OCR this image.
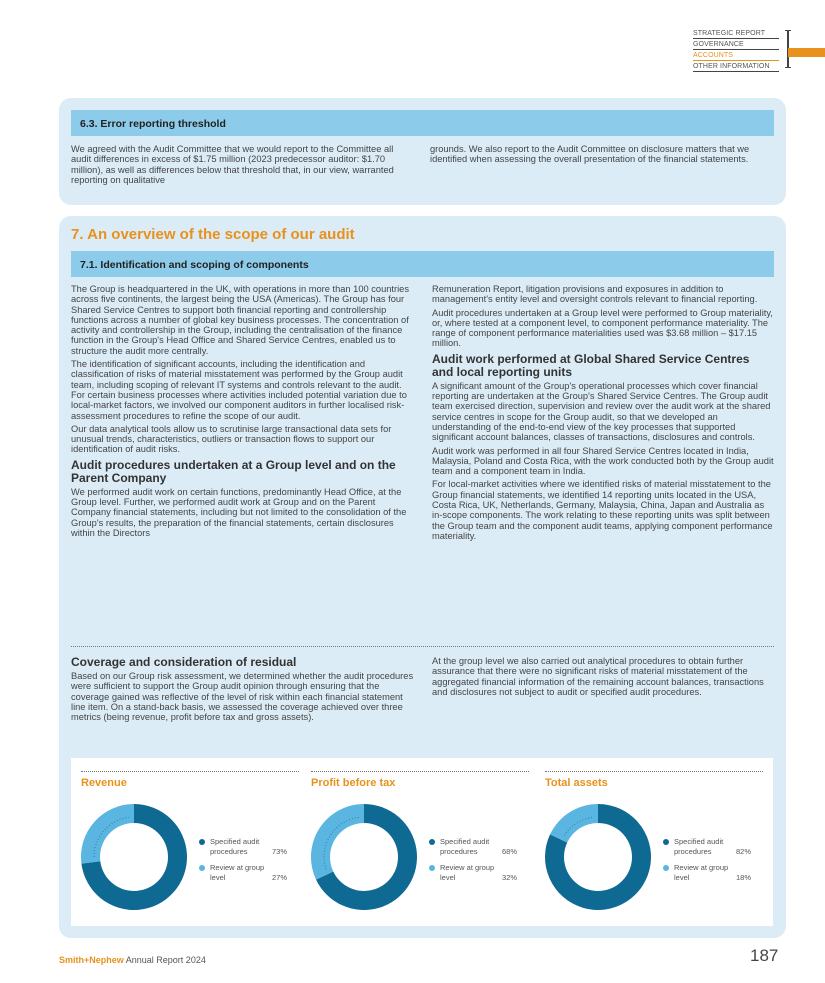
STRATEGIC REPORT
GOVERNANCE
ACCOUNTS
OTHER INFORMATION
6.3. Error reporting threshold

We agreed with the Audit Committee that we would report to the Committee all audit differences in excess of $1.75 million (2023 predecessor auditor: $1.70 million), as well as differences below that threshold that, in our view, warranted reporting on qualitative

grounds. We also report to the Audit Committee on disclosure matters that we identified when assessing the overall presentation of the financial statements.

7. An overview of the scope of our audit
7.1. Identification and scoping of components

The Group is headquartered in the UK, with operations in more than 100 countries across five continents, the largest being the USA (Americas). The Group has four Shared Service Centres to support both financial reporting and controllership functions across a number of global key business processes. The concentration of activity and controllership in the Group, including the centralisation of the finance function in the Group's Head Office and Shared Service Centres, enabled us to structure the audit more centrally.

The identification of significant accounts, including the identification and classification of risks of material misstatement was performed by the Group audit team, including scoping of relevant IT systems and controls relevant to the audit. For certain business processes where activities included potential variation due to local-market factors, we involved our component auditors in further localised risk-assessment procedures to refine the scope of our audit.

Our data analytical tools allow us to scrutinise large transactional data sets for unusual trends, characteristics, outliers or transaction flows to support our identification of audit risks.

Audit procedures undertaken at a Group level and on the Parent Company

We performed audit work on certain functions, predominantly Head Office, at the Group level. Further, we performed audit work at Group and on the Parent Company financial statements, including but not limited to the consolidation of the Group's results, the preparation of the financial statements, certain disclosures within the Directors

Remuneration Report, litigation provisions and exposures in addition to management's entity level and oversight controls relevant to financial reporting.

Audit procedures undertaken at a Group level were performed to Group materiality, or, where tested at a component level, to component performance materiality. The range of component performance materialities used was $3.68 million – $17.15 million.

Audit work performed at Global Shared Service Centres and local reporting units

A significant amount of the Group's operational processes which cover financial reporting are undertaken at the Group's Shared Service Centres. The Group audit team exercised direction, supervision and review over the audit work at the shared service centres in scope for the Group audit, so that we developed an understanding of the end-to-end view of the key processes that supported significant account balances, classes of transactions, disclosures and controls.

Audit work was performed in all four Shared Service Centres located in India, Malaysia, Poland and Costa Rica, with the work conducted both by the Group audit team and a component team in India.

For local-market activities where we identified risks of material misstatement to the Group financial statements, we identified 14 reporting units located in the USA, Costa Rica, UK, Netherlands, Germany, Malaysia, China, Japan and Australia as in-scope components. The work relating to these reporting units was split between the Group team and the component audit teams, applying component performance materiality.

Coverage and consideration of residual

Based on our Group risk assessment, we determined whether the audit procedures were sufficient to support the Group audit opinion through ensuring that the coverage gained was reflective of the level of risk within each financial statement line item. On a stand-back basis, we assessed the coverage achieved over three metrics (being revenue, profit before tax and gross assets).

At the group level we also carried out analytical procedures to obtain further assurance that there were no significant risks of material misstatement of the aggregated financial information of the remaining account balances, transactions and disclosures not subject to audit or specified audit procedures.

Revenue
Specified audit procedures	73%
Review at group level	27%
Profit before tax
Specified audit procedures	68%
Review at group level	32%
Total assets
Specified audit procedures	82%
Review at group level	18%
Smith+Nephew Annual Report 2024	187
